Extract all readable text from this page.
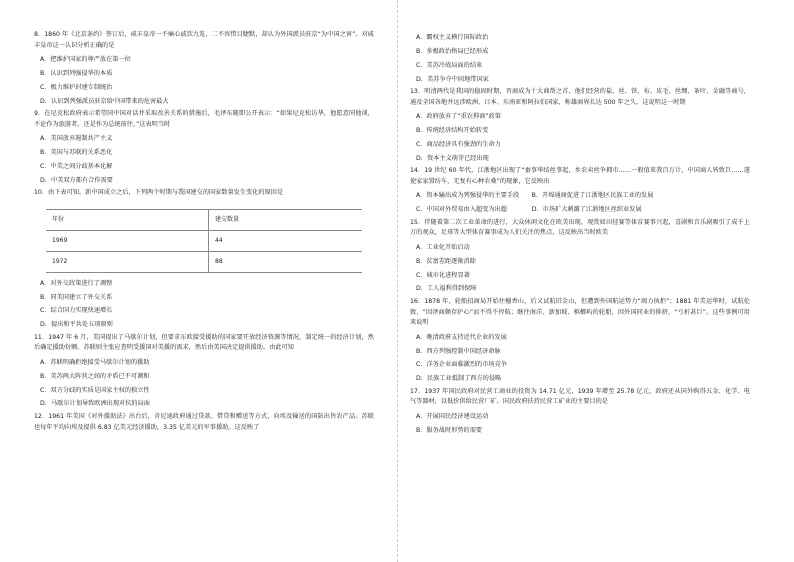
8．1860 年《北京条约》签订后，咸丰皇帝一不痛心戚饮九览，二不容惜目睫默，却认为外国派员驻京“为中国之害”。对咸丰皇帝这一认识分析正确的是
A．把维护国家的尊严放在第一位
B．认识到列强侵华的本质
C．极力维护封建专制统治
D．认识到列强派员驻京给中国带来的危害最大
9．在尼克松政府表示希望同中国对话并采取改善关系的措施后，毛泽东随即公开表示：“如果尼克松访华，他愿意同他谈，不论作为旅游者，还是作为总统前往。”这表明当时
A．美国放弃遏制共产主义
B．美国与苏联的关系恶化
C．中美之间分歧基本化解
D．中美双方都有合作需要
10．由下表可知，新中国成立之后，下列两个时期与我国建交的国家数量发生变化的原因是
年份	建交数量
1969	44
1972	88
A．对外交政策进行了调整
B．同美国建立了外交关系
C．综合国力实现快速增长
D．提出和平共处五项原则
11．1947 年 6 月，美国提出了马歇尔计划，但要求东欧接受援助的国家要开放经济资源等情况，制定统一的经济计划，然后确定援助份额。苏联则主张应查明受援国对美援的需求，然后由美国决定提供援助。由此可知
A．苏联明确拒绝接受马歇尔计划的援助
B．美苏两大阵营之间的矛盾已不可调和
C．双方分歧的实质是国家主权的独立性
D．马歇尔计划导致欧洲出现对抗的局面
12．1961 年美国《对外援助法》出台后，肯尼迪政府通过贷款、借贷和赠送等方式，向埃及输送的国防出售农产品。苏联也每年平均向埃及提供 6.83 亿美元经济援助，3.35 亿美元的军事援助。这反映了
A．霸权主义横行国际政治
B．多极政治格局已经形成
C．美苏冷战局面的结束
D．美苏争夺中间地带国家
13．明清两代是我国的稳固时期，晋商成为十大商帮之首，他们经营的盐、丝、铁、布、皮毛、丝绸、茶叶、金融等商号，通及全国各地并远涉欧洲、日本、东南亚和阿拉伯国家，称雄商界长达 500 年之久。这说明这一时期
A．政府放弃了“重农抑商”政策
B．传统经济结构开始转变
C．商品经济具有强劲的生命力
D．资本主义萌芽已经出现
14．19 世纪 60 年代，江浙地区出现了“蚕事华结丝事起，乡农卖丝争拥市……一般值来我百万计，中国商人皆致巨……遂使家家置纺车，无复有心种农桑”的现象，它反映出
A．资本输出成为列强侵华的主要手段　　B．开埠通商促进了江浙地区民族工业的发展
C．中国对外贸易由入超变为出超　　　　D．市场扩大刺激了江浙地区丝织业发展
15．伴随着第二次工业革命的进行，大众休闲文化在欧美出现，观赏如田径赛等体育赛事兴起，喜剧和音乐剧吸引了成千上万的观众，足球等大型体育赛事成为人们关注的焦点，这反映出当时欧美
A．工业化开始启动
B．贫富差距逐渐消除
C．城市化进程显著
D．工人福利得到保障
16．1878 年，轮船招商局开始往檀香山，后又试航旧金山，但遭到外国航运势力“竭力执拒”；1881 年美运华时，试航伦敦，“因泽商颇存护心”而不得不停航；继往南洋、新加坡、槟榔屿的轮船，因外国同业的排挤，“亏折甚巨”。这些事例可用来说明
A．晚清政府支持近代企业的发展
B．西方列强控制中国经济命脉
C．洋务企业面临激烈的市场竞争
D．民族工业抵制了西方的侵略
17．1937 年国民政府对民营工商业的投资为 14.71 亿元，1939 年增至 25.78 亿元，政府还从国外购得五金、化学、电气等器材，以低价供给民营厂矿。国民政府扶持民营工矿业的主要目的是
A．开展国民经济建设运动
B．服务战时形势的需要
